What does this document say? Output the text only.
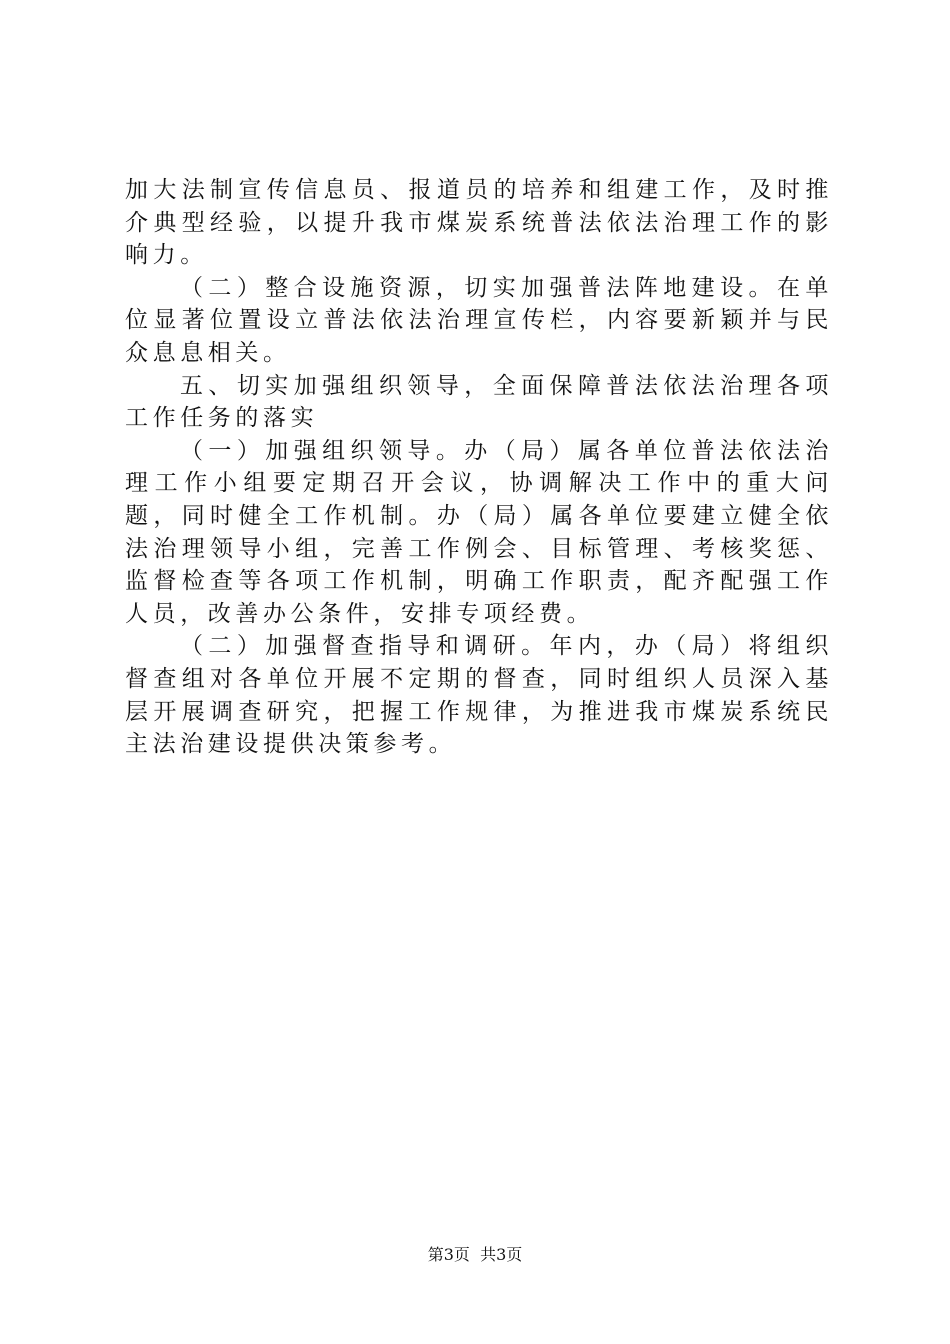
加大法制宣传信息员、报道员的培养和组建工作，及时推介典型经验，以提升我市煤炭系统普法依法治理工作的影响力。

（二）整合设施资源，切实加强普法阵地建设。在单位显著位置设立普法依法治理宣传栏，内容要新颖并与民众息息相关。

五、切实加强组织领导，全面保障普法依法治理各项工作任务的落实

（一）加强组织领导。办（局）属各单位普法依法治理工作小组要定期召开会议，协调解决工作中的重大问题，同时健全工作机制。办（局）属各单位要建立健全依法治理领导小组，完善工作例会、目标管理、考核奖惩、监督检查等各项工作机制，明确工作职责，配齐配强工作人员，改善办公条件，安排专项经费。

（二）加强督查指导和调研。年内，办（局）将组织督查组对各单位开展不定期的督查，同时组织人员深入基层开展调查研究，把握工作规律，为推进我市煤炭系统民主法治建设提供决策参考。

第3页  共3页
